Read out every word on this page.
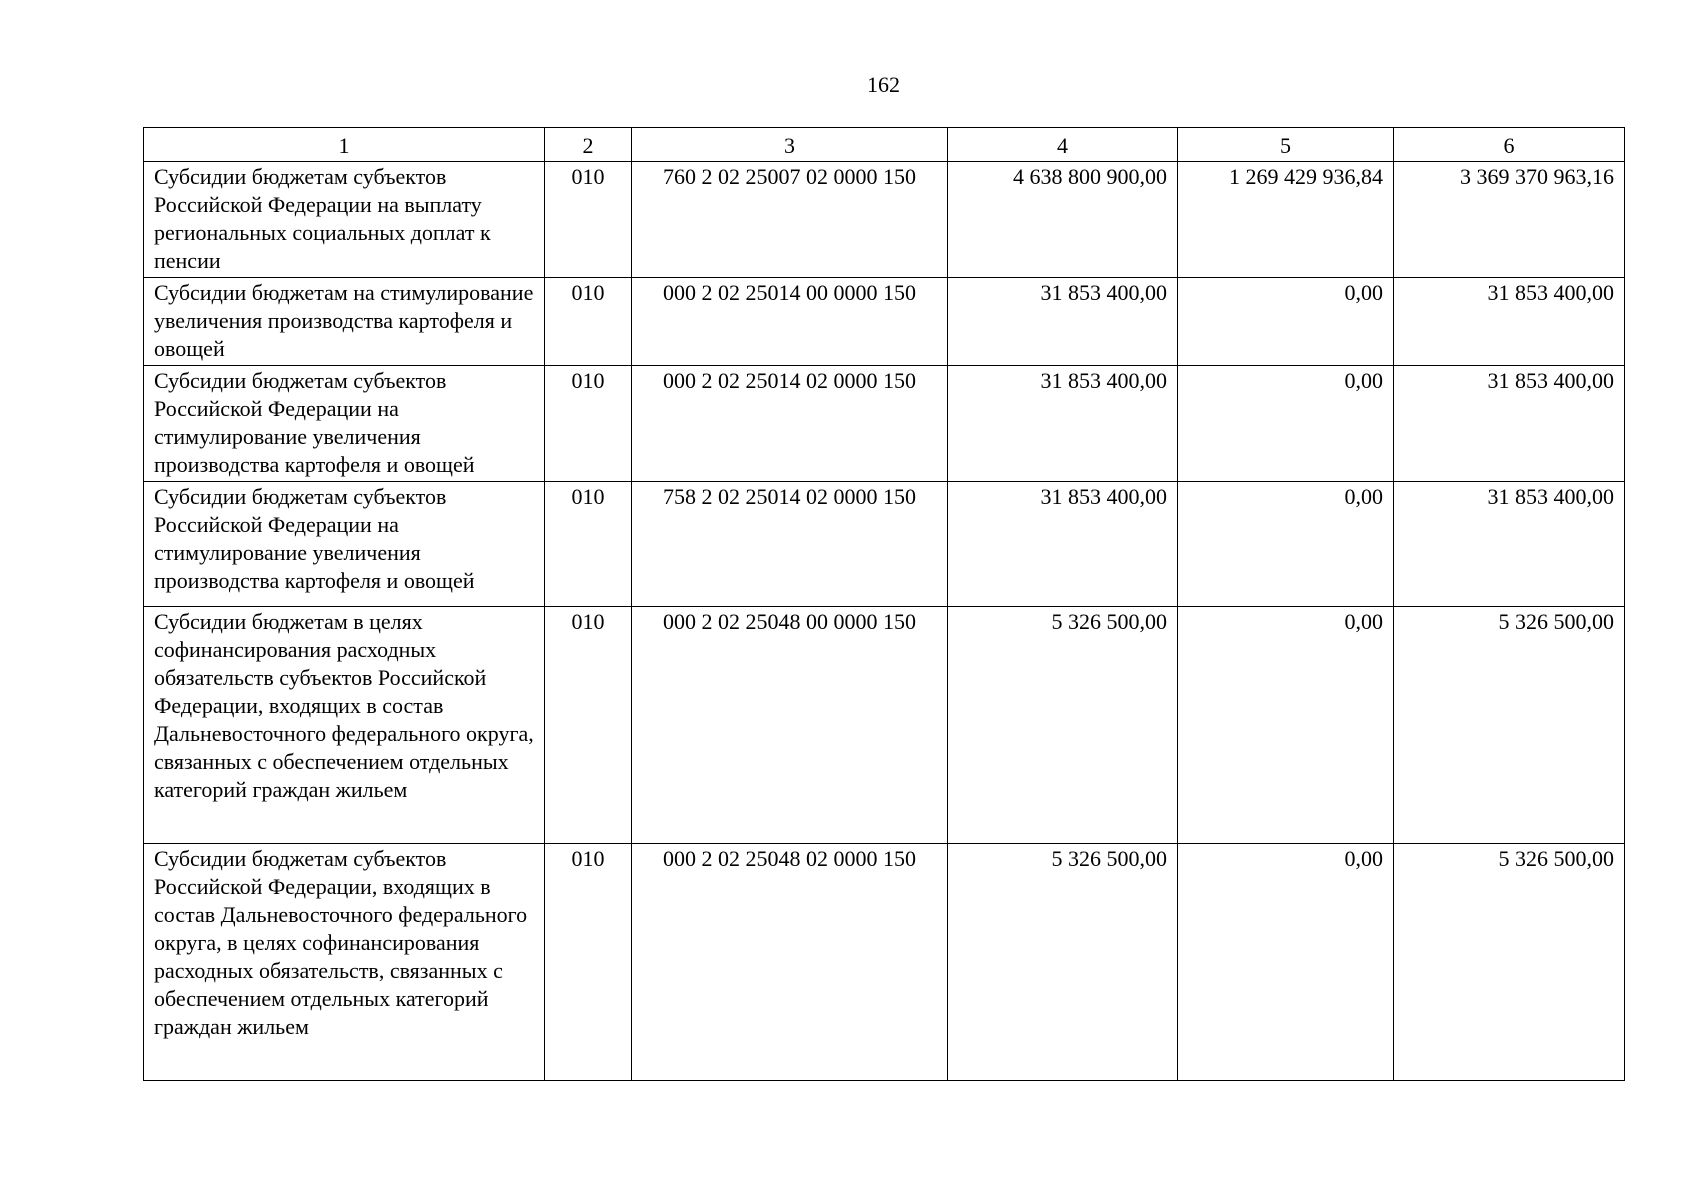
162
1	2	3	4	5	6
Субсидии бюджетам субъектов Российской Федерации на выплату региональных социальных доплат к пенсии	010	760 2 02 25007 02 0000 150	4 638 800 900,00	1 269 429 936,84	3 369 370 963,16
Субсидии бюджетам на стимулирование увеличения производства картофеля и овощей	010	000 2 02 25014 00 0000 150	31 853 400,00	0,00	31 853 400,00
Субсидии бюджетам субъектов Российской Федерации на стимулирование увеличения производства картофеля и овощей	010	000 2 02 25014 02 0000 150	31 853 400,00	0,00	31 853 400,00
Субсидии бюджетам субъектов Российской Федерации на стимулирование увеличения производства картофеля и овощей	010	758 2 02 25014 02 0000 150	31 853 400,00	0,00	31 853 400,00
Субсидии бюджетам в целях софинансирования расходных обязательств субъектов Российской Федерации, входящих в состав Дальневосточного федерального округа, связанных с обеспечением отдельных категорий граждан жильем	010	000 2 02 25048 00 0000 150	5 326 500,00	0,00	5 326 500,00
Субсидии бюджетам субъектов Российской Федерации, входящих в состав Дальневосточного федерального округа, в целях софинансирования расходных обязательств, связанных с обеспечением отдельных категорий граждан жильем	010	000 2 02 25048 02 0000 150	5 326 500,00	0,00	5 326 500,00
